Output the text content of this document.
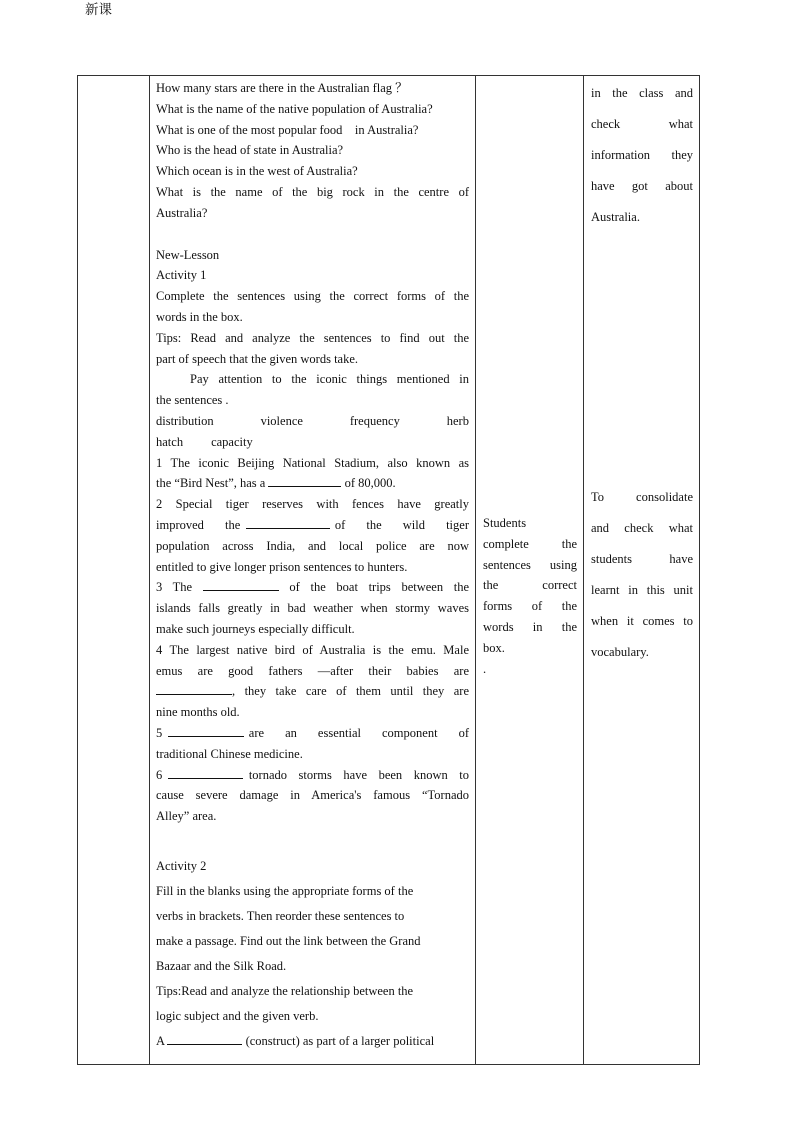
新课

How many stars are there in the Australian flag ？

What is the name of the native population of Australia?

What is one of the most popular food    in Australia?

Who is the head of state in Australia?

Which ocean is in the west of Australia?

What is the name of the big rock in the centre of

Australia?

New-Lesson

Activity 1

Complete the sentences using the correct forms of the

words in the box.

Tips: Read and analyze the sentences to find out the

part of speech that the given words take.

Pay attention to the iconic things mentioned in

the sentences .

distribution	violence	frequency	herb
hatch capacity

1 The iconic Beijing National Stadium, also known as

the “Bird Nest”, has a	of 80,000.

2 Special tiger reserves with fences have greatly

improved    the	of    the    wild    tiger

population across India, and local police are now

entitled to give longer prison sentences to hunters.

3 The	of the boat trips between the

islands falls greatly in bad weather when stormy waves

make such journeys especially difficult.

4 The largest native bird of Australia is the emu. Male

emus   are   good   fathers   —after   their   babies   are

,  they  take  care  of  them  until  they  are

nine months old.

5	are    an    essential    component    of

traditional Chinese medicine.

6	tornado  storms  have  been  known  to

cause severe damage in America's famous “Tornado

Alley” area.

Activity 2

Fill in the blanks using the appropriate forms of the

verbs in brackets. Then reorder these sentences to

make a passage. Find out the link between the Grand

Bazaar and the Silk Road.

Tips:Read and analyze the relationship between the

logic subject and the given verb.

A	(construct) as part of a larger political

Students

complete the

sentences using

the correct

forms of the

words in the

box.

.

in the class and

check what

information they

have got about

Australia.

To consolidate

and check what

students have

learnt in this unit

when it comes to

vocabulary.
